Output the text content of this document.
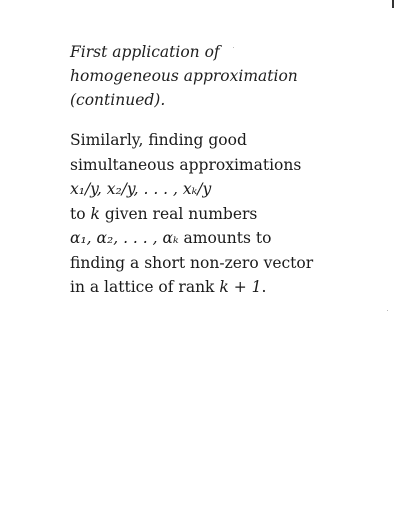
First application of
homogeneous approximation
(continued).
Similarly, finding good
simultaneous approximations
x₁/y, x₂/y, . . . , xₖ/y
to k given real numbers
α₁, α₂, . . . , αₖ amounts to
finding a short non-zero vector
in a lattice of rank k + 1.
